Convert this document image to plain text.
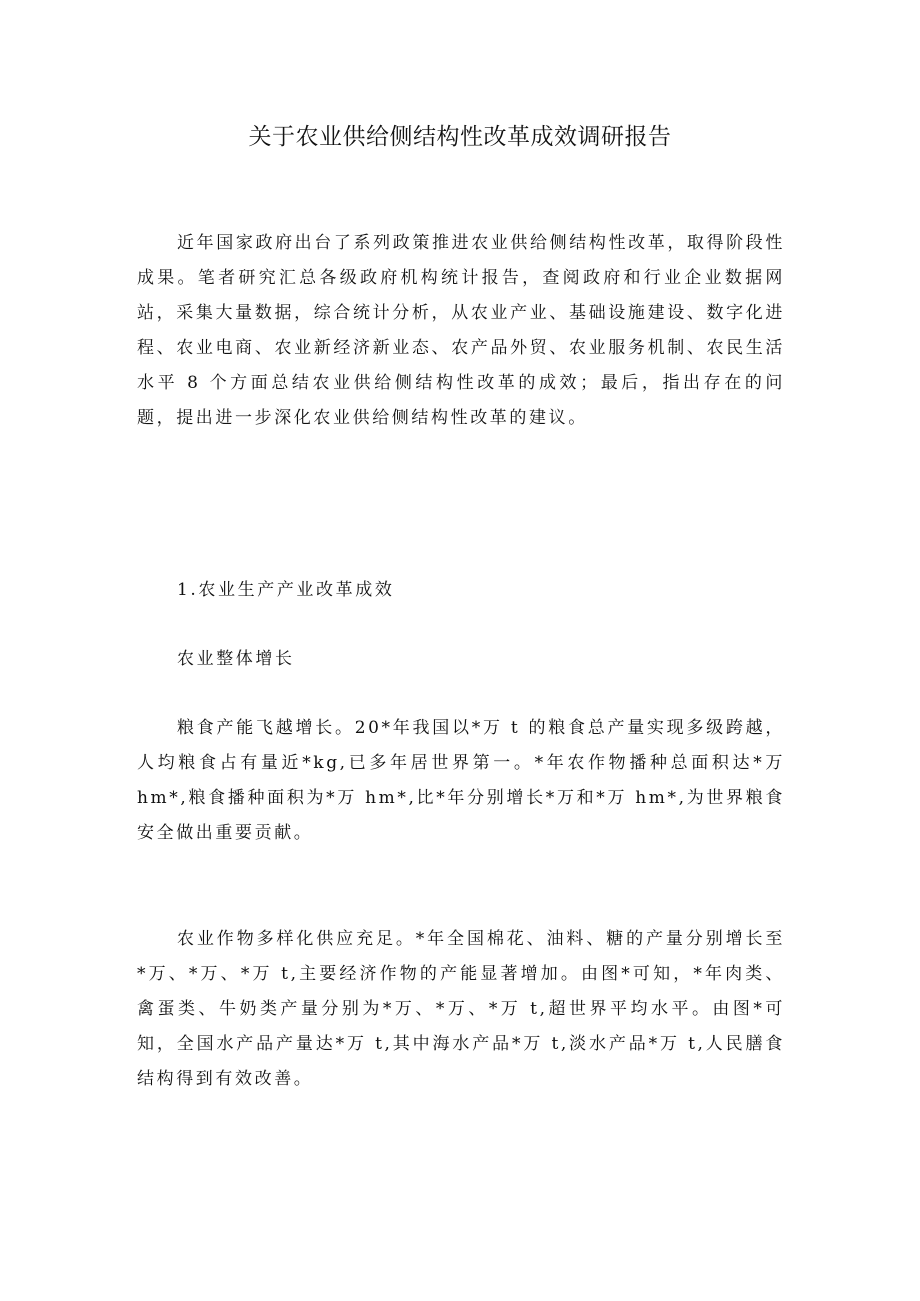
关于农业供给侧结构性改革成效调研报告

近年国家政府出台了系列政策推进农业供给侧结构性改革，取得阶段性成果。笔者研究汇总各级政府机构统计报告，查阅政府和行业企业数据网站，采集大量数据，综合统计分析，从农业产业、基础设施建设、数字化进程、农业电商、农业新经济新业态、农产品外贸、农业服务机制、农民生活水平 8 个方面总结农业供给侧结构性改革的成效；最后，指出存在的问题，提出进一步深化农业供给侧结构性改革的建议。

1.农业生产产业改革成效

农业整体增长

粮食产能飞越增长。20*年我国以*万 t 的粮食总产量实现多级跨越，人均粮食占有量近*kg,已多年居世界第一。*年农作物播种总面积达*万 hm*,粮食播种面积为*万 hm*,比*年分别增长*万和*万 hm*,为世界粮食安全做出重要贡献。

农业作物多样化供应充足。*年全国棉花、油料、糖的产量分别增长至*万、*万、*万 t,主要经济作物的产能显著增加。由图*可知，*年肉类、禽蛋类、牛奶类产量分别为*万、*万、*万 t,超世界平均水平。由图*可知，全国水产品产量达*万 t,其中海水产品*万 t,淡水产品*万 t,人民膳食结构得到有效改善。
